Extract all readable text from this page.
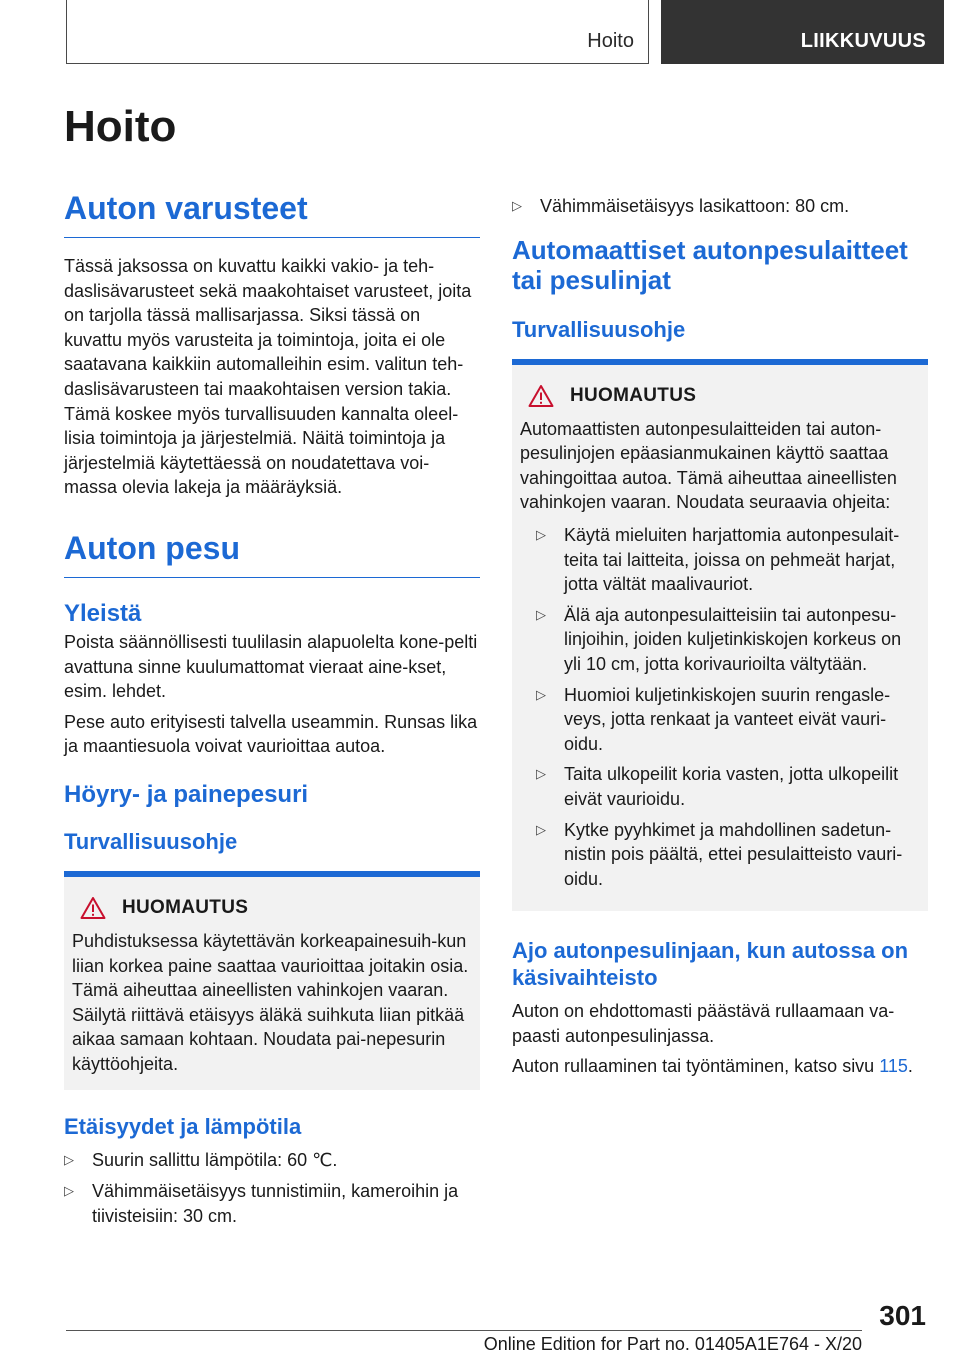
Hoito	LIIKKUVUUS
Hoito
Auton varusteet

Tässä jaksossa on kuvattu kaikki vakio- ja teh-daslisävarusteet sekä maakohtaiset varusteet, joita on tarjolla tässä mallisarjassa. Siksi tässä on kuvattu myös varusteita ja toimintoja, joita ei ole saatavana kaikkiin automalleihin esim. valitun teh-daslisävarusteen tai maakohtaisen version takia. Tämä koskee myös turvallisuuden kannalta oleel-lisia toimintoja ja järjestelmiä. Näitä toimintoja ja järjestelmiä käytettäessä on noudatettava voi-massa olevia lakeja ja määräyksiä.

Auton pesu
Yleistä

Poista säännöllisesti tuulilasin alapuolelta kone-pelti avattuna sinne kuulumattomat vieraat aine-kset, esim. lehdet.

Pese auto erityisesti talvella useammin. Runsas lika ja maantiesuola voivat vaurioittaa autoa.

Höyry- ja painepesuri
Turvallisuusohje
HUOMAUTUS

Puhdistuksessa käytettävän korkeapainesuih-kun liian korkea paine saattaa vaurioittaa joitakin osia. Tämä aiheuttaa aineellisten vahinkojen vaaran. Säilytä riittävä etäisyys äläkä suihkuta liian pitkää aikaa samaan kohtaan. Noudata pai-nepesurin käyttöohjeita.

Etäisyydet ja lämpötila
▷ Suurin sallittu lämpötila: 60 ℃.
▷ Vähimmäisetäisyys tunnistimiin, kameroihin ja tiivisteisiin: 30 cm.
▷ Vähimmäisetäisyys lasikattoon: 80 cm.
Automaattiset autonpesulaitteet tai pesulinjat
Turvallisuusohje
HUOMAUTUS

Automaattisten autonpesulaitteiden tai auton-pesulinjojen epäasianmukainen käyttö saattaa vahingoittaa autoa. Tämä aiheuttaa aineellisten vahinkojen vaaran. Noudata seuraavia ohjeita:

▷ Käytä mieluiten harjattomia autonpesulait-teita tai laitteita, joissa on pehmeät harjat, jotta vältät maalivauriot.
▷ Älä aja autonpesulaitteisiin tai autonpesu-linjoihin, joiden kuljetinkiskojen korkeus on yli 10 cm, jotta korivaurioilta vältytään.
▷ Huomioi kuljetinkiskojen suurin rengasle-veys, jotta renkaat ja vanteet eivät vauri-oidu.
▷ Taita ulkopeilit koria vasten, jotta ulkopeilit eivät vaurioidu.
▷ Kytke pyyhkimet ja mahdollinen sadetun-nistin pois päältä, ettei pesulaitteisto vauri-oidu.
Ajo autonpesulinjaan, kun autossa on käsivaihteisto

Auton on ehdottomasti päästävä rullaamaan va-paasti autonpesulinjassa.

Auton rullaaminen tai työntäminen, katso sivu 115.

301
Online Edition for Part no. 01405A1E764 - X/20
